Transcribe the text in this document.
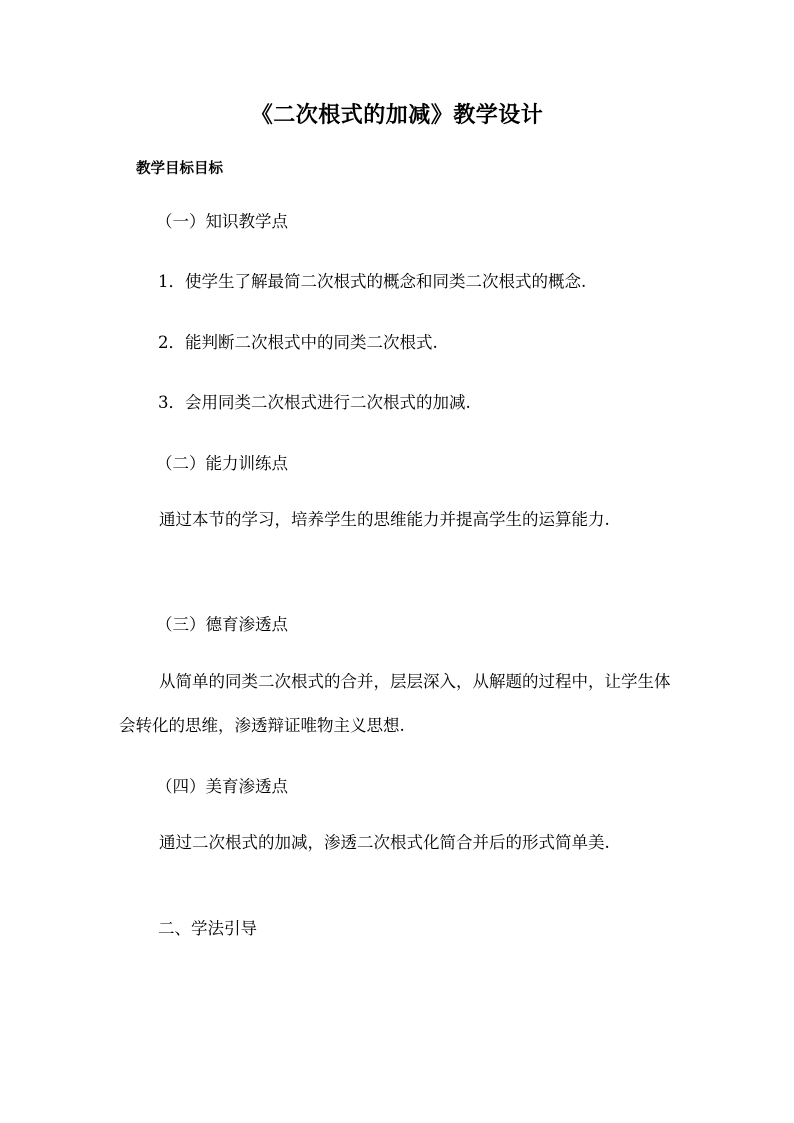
《二次根式的加减》教学设计
教学目标目标
（一）知识教学点
1．使学生了解最简二次根式的概念和同类二次根式的概念.
2．能判断二次根式中的同类二次根式.
3．会用同类二次根式进行二次根式的加减.
（二）能力训练点

通过本节的学习，培养学生的思维能力并提高学生的运算能力.

（三）德育渗透点

从简单的同类二次根式的合并，层层深入，从解题的过程中，让学生体会转化的思维，渗透辩证唯物主义思想.

（四）美育渗透点

通过二次根式的加减，渗透二次根式化简合并后的形式简单美.

二、学法引导
